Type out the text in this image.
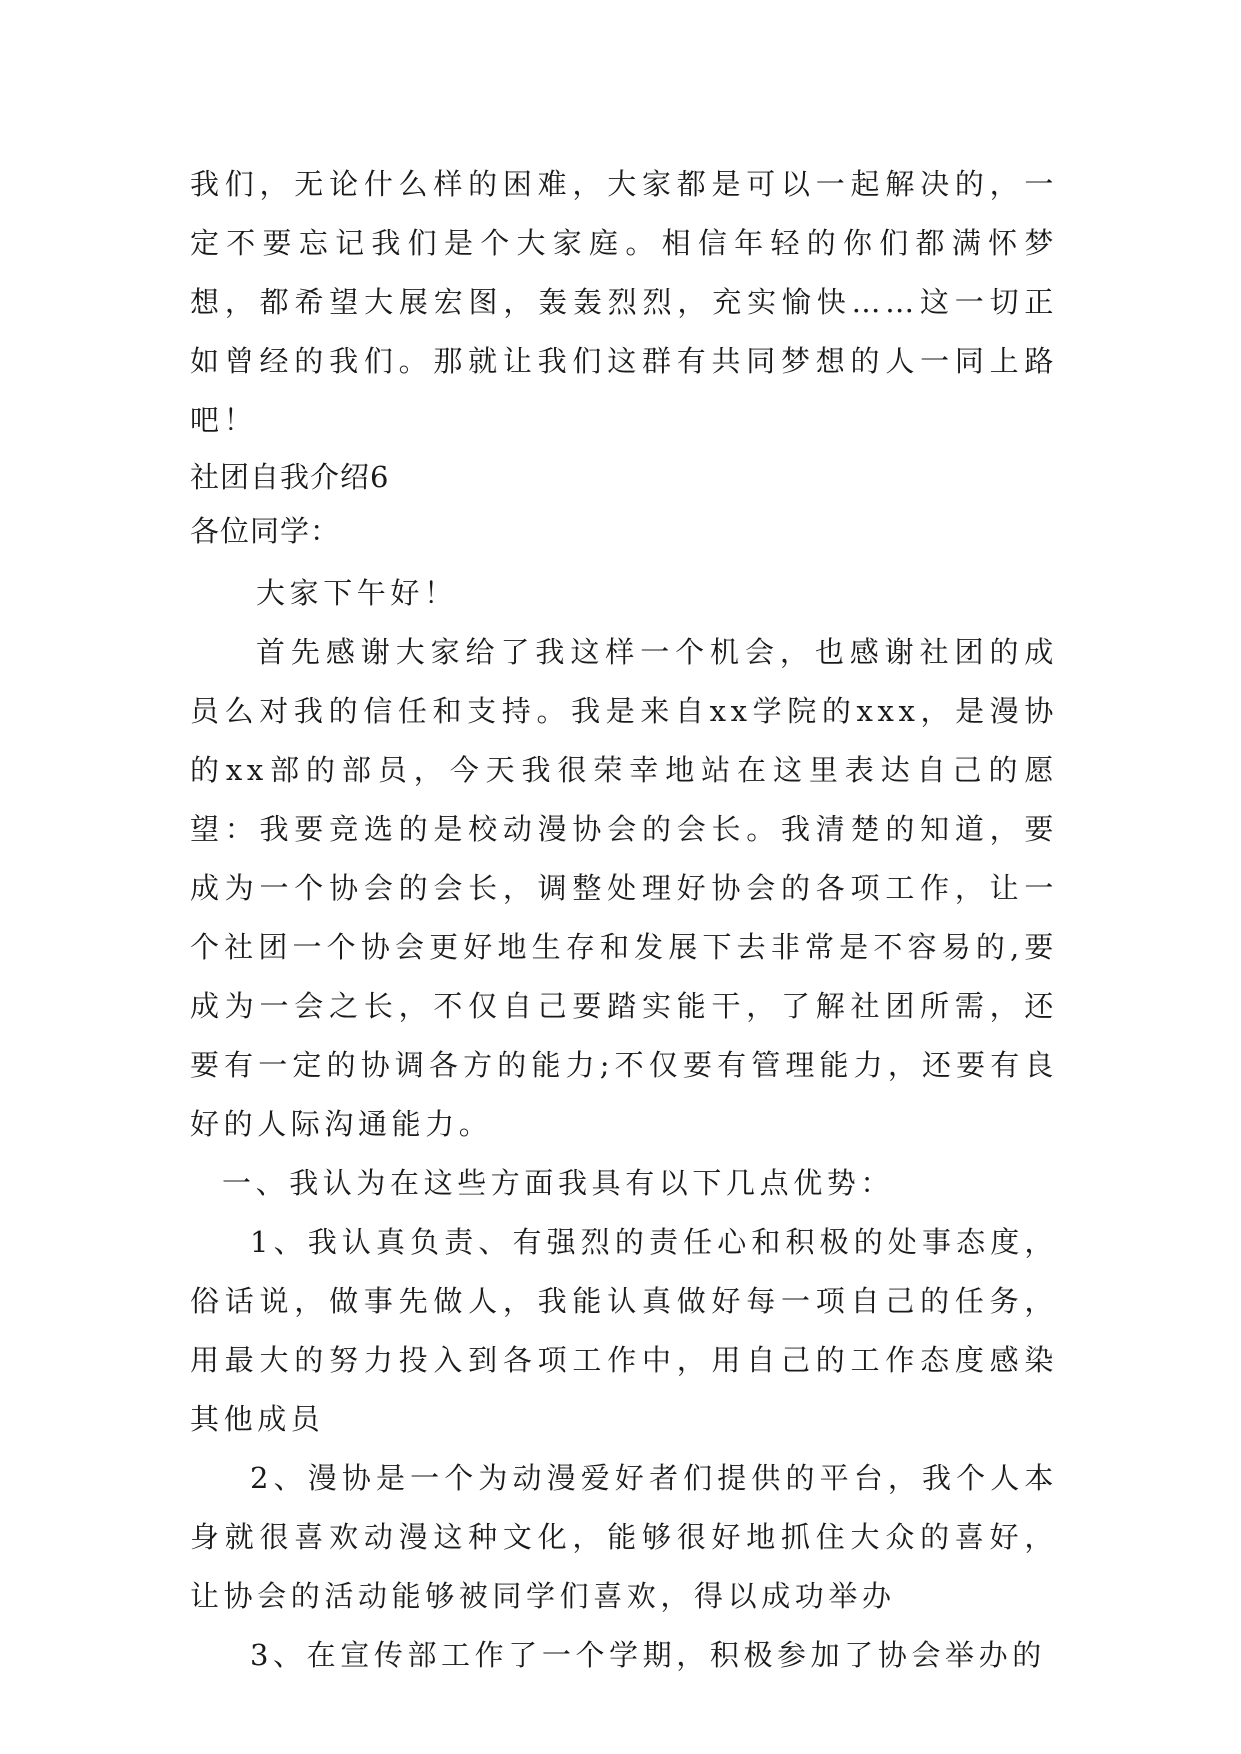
我们，无论什么样的困难，大家都是可以一起解决的，一定不要忘记我们是个大家庭。相信年轻的你们都满怀梦想，都希望大展宏图，轰轰烈烈，充实愉快……这一切正如曾经的我们。那就让我们这群有共同梦想的人一同上路吧！

社团自我介绍6

各位同学：

大家下午好！

首先感谢大家给了我这样一个机会，也感谢社团的成员么对我的信任和支持。我是来自xx学院的xxx，是漫协的xx部的部员，今天我很荣幸地站在这里表达自己的愿望：我要竞选的是校动漫协会的会长。我清楚的知道，要成为一个协会的会长，调整处理好协会的各项工作，让一个社团一个协会更好地生存和发展下去非常是不容易的,要成为一会之长，不仅自己要踏实能干，了解社团所需，还要有一定的协调各方的能力;不仅要有管理能力，还要有良好的人际沟通能力。

一、我认为在这些方面我具有以下几点优势：

1、我认真负责、有强烈的责任心和积极的处事态度，俗话说，做事先做人，我能认真做好每一项自己的任务，用最大的努力投入到各项工作中，用自己的工作态度感染其他成员

2、漫协是一个为动漫爱好者们提供的平台，我个人本身就很喜欢动漫这种文化，能够很好地抓住大众的喜好，让协会的活动能够被同学们喜欢，得以成功举办

3、在宣传部工作了一个学期，积极参加了协会举办的
